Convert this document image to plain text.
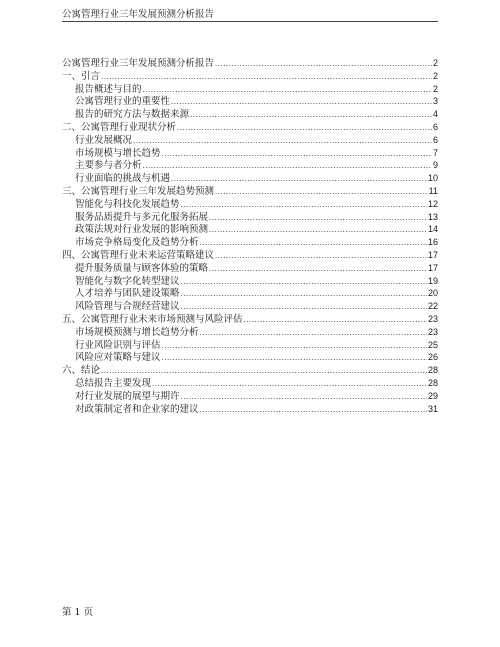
公寓管理行业三年发展预测分析报告
公寓管理行业三年发展预测分析报告 .....	2
一、引言 .....	2
报告概述与目的 .....	2
公寓管理行业的重要性 .....	3
报告的研究方法与数据来源 .....	4
二、公寓管理行业现状分析 .....	6
行业发展概况 .....	6
市场规模与增长趋势 .....	7
主要参与者分析 .....	9
行业面临的挑战与机遇 .....	10
三、公寓管理行业三年发展趋势预测 .....	11
智能化与科技化发展趋势 .....	12
服务品质提升与多元化服务拓展 .....	13
政策法规对行业发展的影响预测 .....	14
市场竞争格局变化及趋势分析 .....	16
四、公寓管理行业未来运营策略建议 .....	17
提升服务质量与顾客体验的策略 .....	17
智能化与数字化转型建议 .....	19
人才培养与团队建设策略 .....	20
风险管理与合规经营建议 .....	22
五、公寓管理行业未来市场预测与风险评估 .....	23
市场规模预测与增长趋势分析 .....	23
行业风险识别与评估 .....	25
风险应对策略与建议 .....	26
六、结论 .....	28
总结报告主要发现 .....	28
对行业发展的展望与期许 .....	29
对政策制定者和企业家的建议 .....	31
第 1 页
